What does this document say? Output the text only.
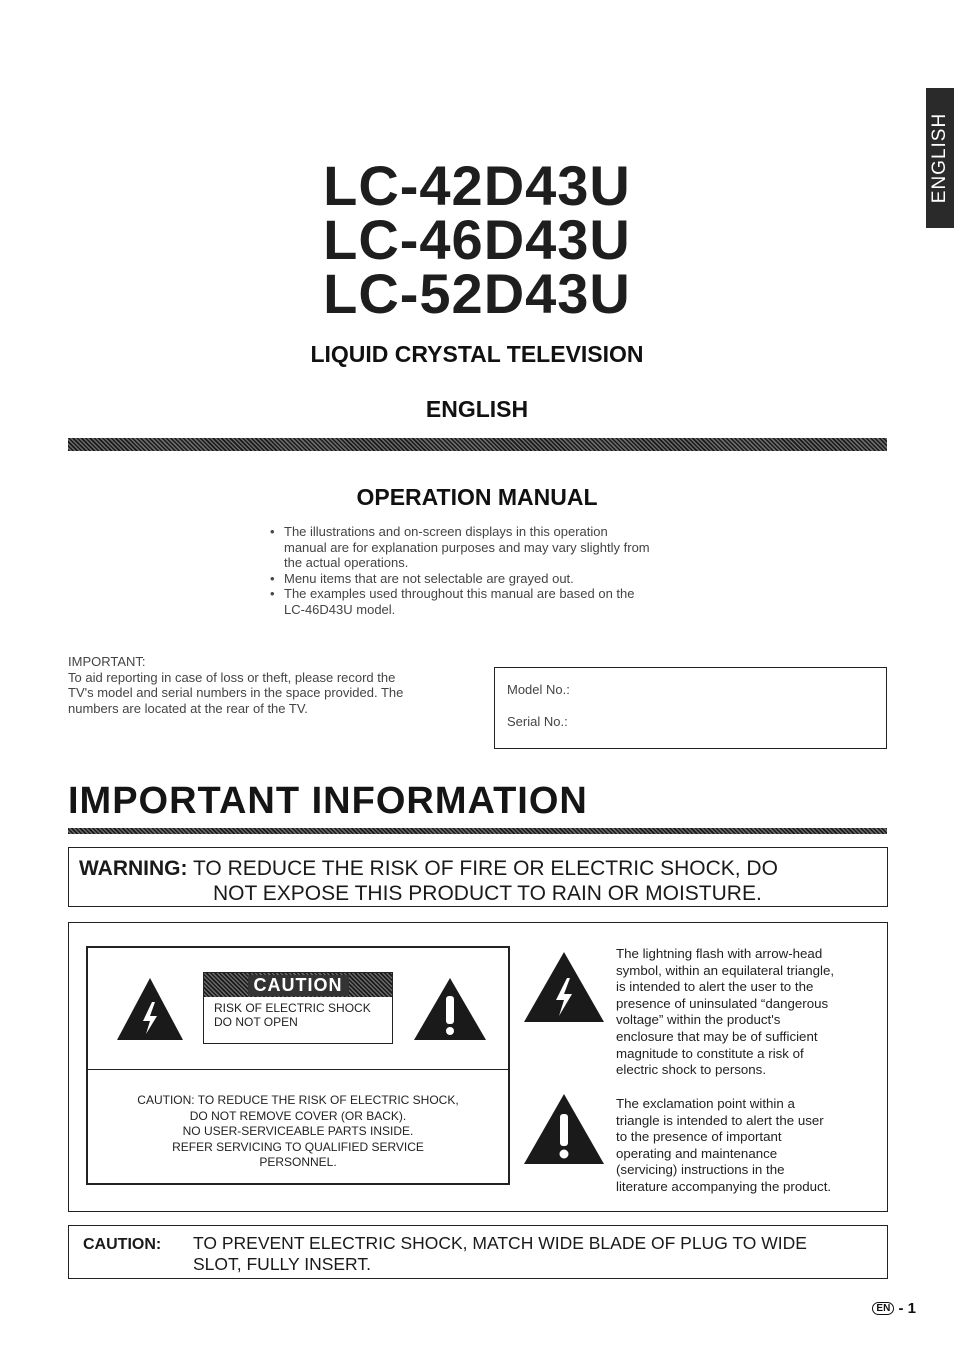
ENGLISH
LC-42D43U
LC-46D43U
LC-52D43U
LIQUID CRYSTAL TELEVISION
ENGLISH
OPERATION MANUAL
• The illustrations and on-screen displays in this operation
manual are for explanation purposes and may vary slightly from
the actual operations.
• Menu items that are not selectable are grayed out.
• The examples used throughout this manual are based on the
LC-46D43U model.
IMPORTANT:
To aid reporting in case of loss or theft, please record the
TV's model and serial numbers in the space provided. The
numbers are located at the rear of the TV.
Model No.:
Serial No.:
IMPORTANT INFORMATION
WARNING: TO REDUCE THE RISK OF FIRE OR ELECTRIC SHOCK, DO
NOT EXPOSE THIS PRODUCT TO RAIN OR MOISTURE.
CAUTION
RISK OF ELECTRIC SHOCK
DO NOT OPEN
CAUTION: TO REDUCE THE RISK OF ELECTRIC SHOCK,
DO NOT REMOVE COVER (OR BACK).
NO USER-SERVICEABLE PARTS INSIDE.
REFER SERVICING TO QUALIFIED SERVICE
PERSONNEL.
The lightning flash with arrow-head
symbol, within an equilateral triangle,
is intended to alert the user to the
presence of uninsulated “dangerous
voltage” within the product's
enclosure that may be of sufficient
magnitude to constitute a risk of
electric shock to persons.
The exclamation point within a
triangle is intended to alert the user
to the presence of important
operating and maintenance
(servicing) instructions in the
literature accompanying the product.
CAUTION: TO PREVENT ELECTRIC SHOCK, MATCH WIDE BLADE OF PLUG TO WIDE
SLOT, FULLY INSERT.
EN - 1
